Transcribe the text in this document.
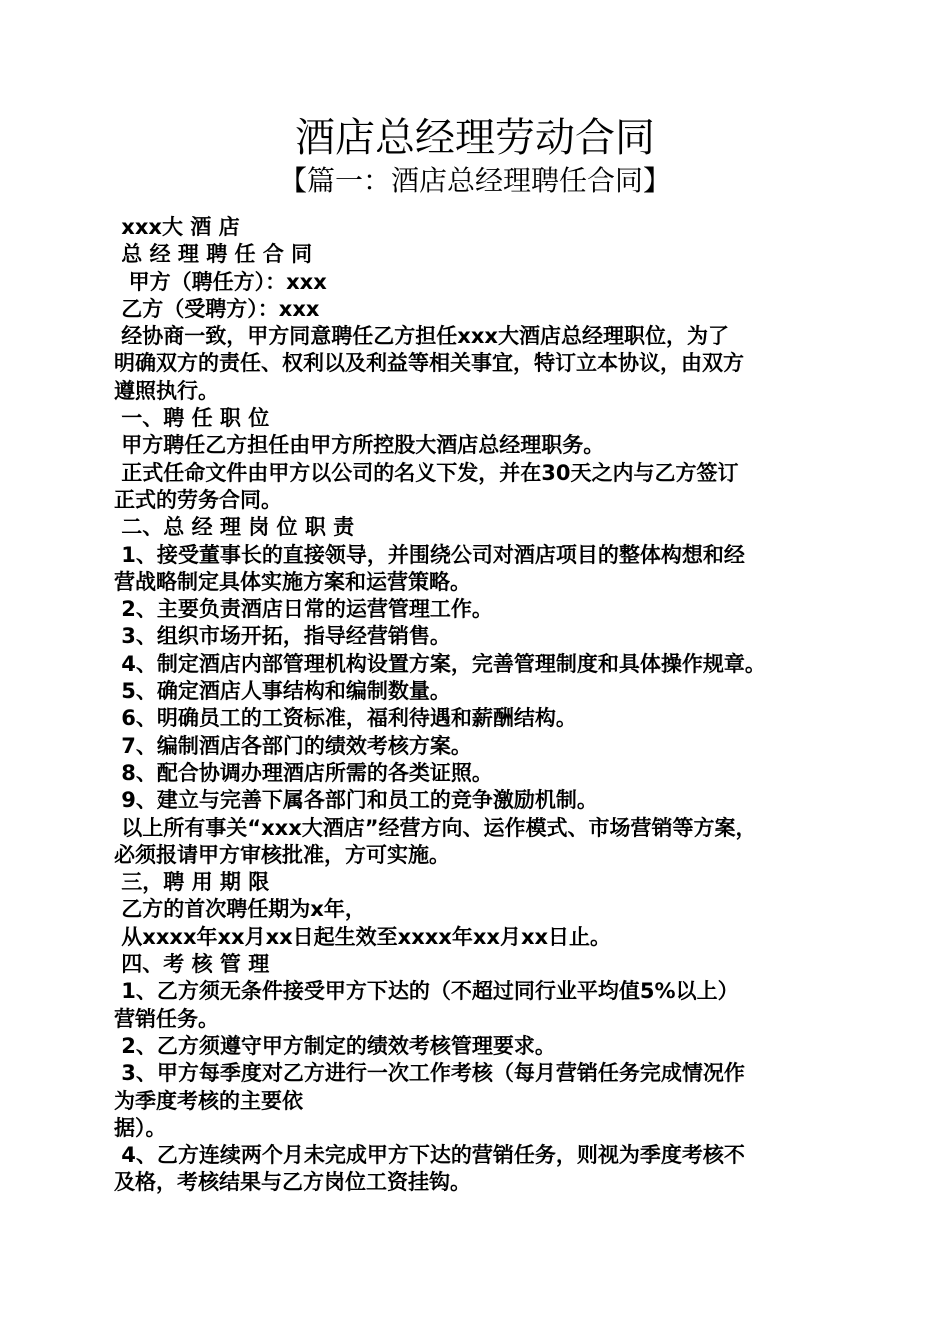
酒店总经理劳动合同
【篇一：酒店总经理聘任合同】

xxx大 酒 店

总 经 理 聘 任 合 同

甲方（聘任方）：xxx

乙方（受聘方）：xxx

经协商一致，甲方同意聘任乙方担任xxx大酒店总经理职位，为了

明确双方的责任、权利以及利益等相关事宜，特订立本协议，由双方

遵照执行。

一、聘 任 职 位

甲方聘任乙方担任由甲方所控股大酒店总经理职务。

正式任命文件由甲方以公司的名义下发，并在30天之内与乙方签订

正式的劳务合同。

二、总 经 理 岗 位 职 责

1、接受董事长的直接领导，并围绕公司对酒店项目的整体构想和经

营战略制定具体实施方案和运营策略。

2、主要负责酒店日常的运营管理工作。

3、组织市场开拓，指导经营销售。

4、制定酒店内部管理机构设置方案，完善管理制度和具体操作规章。

5、确定酒店人事结构和编制数量。

6、明确员工的工资标准，福利待遇和薪酬结构。

7、编制酒店各部门的绩效考核方案。

8、配合协调办理酒店所需的各类证照。

9、建立与完善下属各部门和员工的竞争激励机制。

以上所有事关“xxx大酒店”经营方向、运作模式、市场营销等方案，

必须报请甲方审核批准，方可实施。

三，聘 用 期 限

乙方的首次聘任期为x年，

从xxxx年xx月xx日起生效至xxxx年xx月xx日止。

四、考 核 管 理

1、乙方须无条件接受甲方下达的（不超过同行业平均值5%以上）

营销任务。

2、乙方须遵守甲方制定的绩效考核管理要求。

3、甲方每季度对乙方进行一次工作考核（每月营销任务完成情况作

为季度考核的主要依

据）。

4、乙方连续两个月未完成甲方下达的营销任务，则视为季度考核不

及格，考核结果与乙方岗位工资挂钩。
